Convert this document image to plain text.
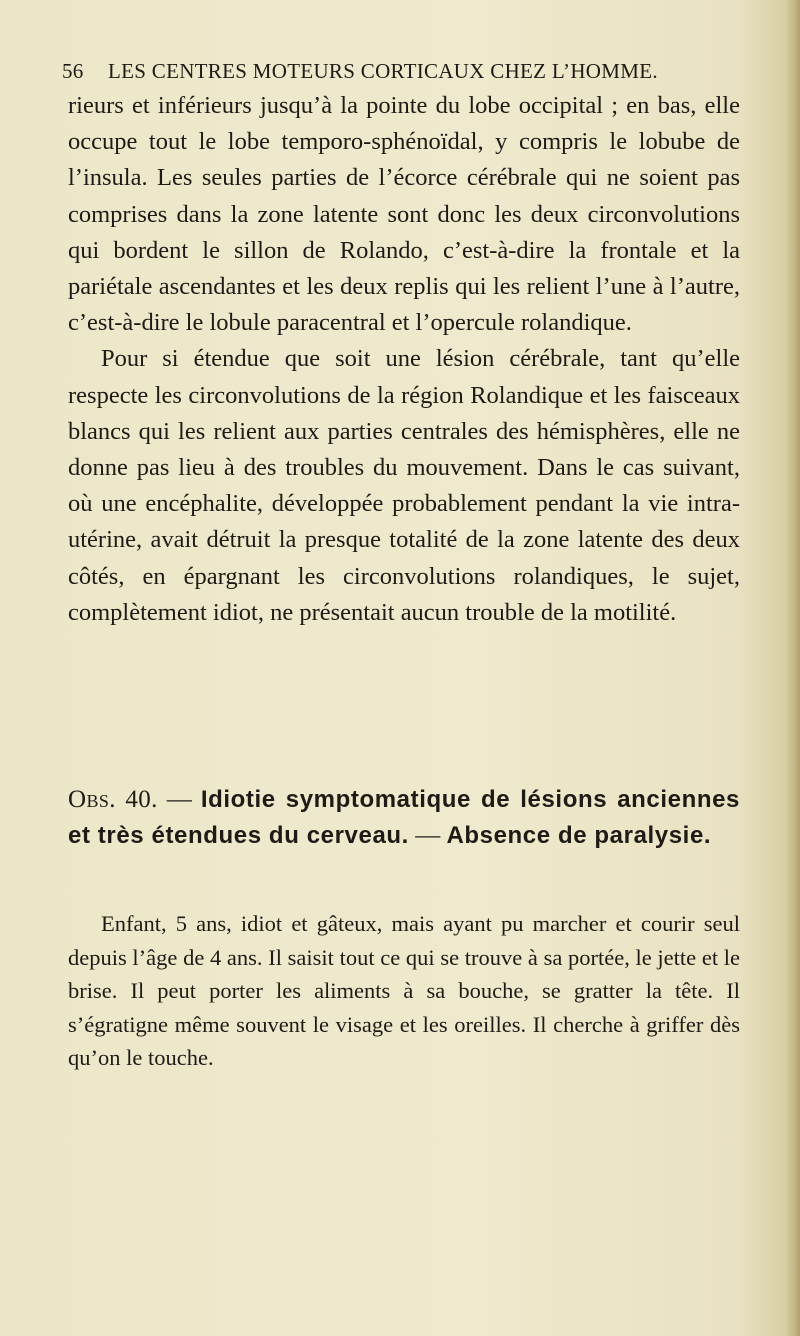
56 LES CENTRES MOTEURS CORTICAUX CHEZ L’HOMME.

rieurs et inférieurs jusqu’à la pointe du lobe occipital ; en bas, elle occupe tout le lobe temporo-sphénoïdal, y compris le lobube de l’insula. Les seules parties de l’écorce cérébrale qui ne soient pas comprises dans la zone latente sont donc les deux circonvolutions qui bordent le sillon de Rolando, c’est-à-dire la frontale et la pariétale ascendantes et les deux replis qui les relient l’une à l’autre, c’est-à-dire le lobule paracentral et l’opercule rolandique.

Pour si étendue que soit une lésion cérébrale, tant qu’elle respecte les circonvolutions de la région Rolandique et les faisceaux blancs qui les relient aux parties centrales des hémisphères, elle ne donne pas lieu à des troubles du mouvement. Dans le cas suivant, où une encéphalite, développée probablement pendant la vie intra-utérine, avait détruit la presque totalité de la zone latente des deux côtés, en épargnant les circonvolutions rolandiques, le sujet, complètement idiot, ne présentait aucun trouble de la motilité.

Obs. 40. — Idiotie symptomatique de lésions anciennes et très étendues du cerveau. — Absence de paralysie.

Enfant, 5 ans, idiot et gâteux, mais ayant pu marcher et courir seul depuis l’âge de 4 ans. Il saisit tout ce qui se trouve à sa portée, le jette et le brise. Il peut porter les aliments à sa bouche, se gratter la tête. Il s’égratigne même souvent le visage et les oreilles. Il cherche à griffer dès qu’on le touche.
